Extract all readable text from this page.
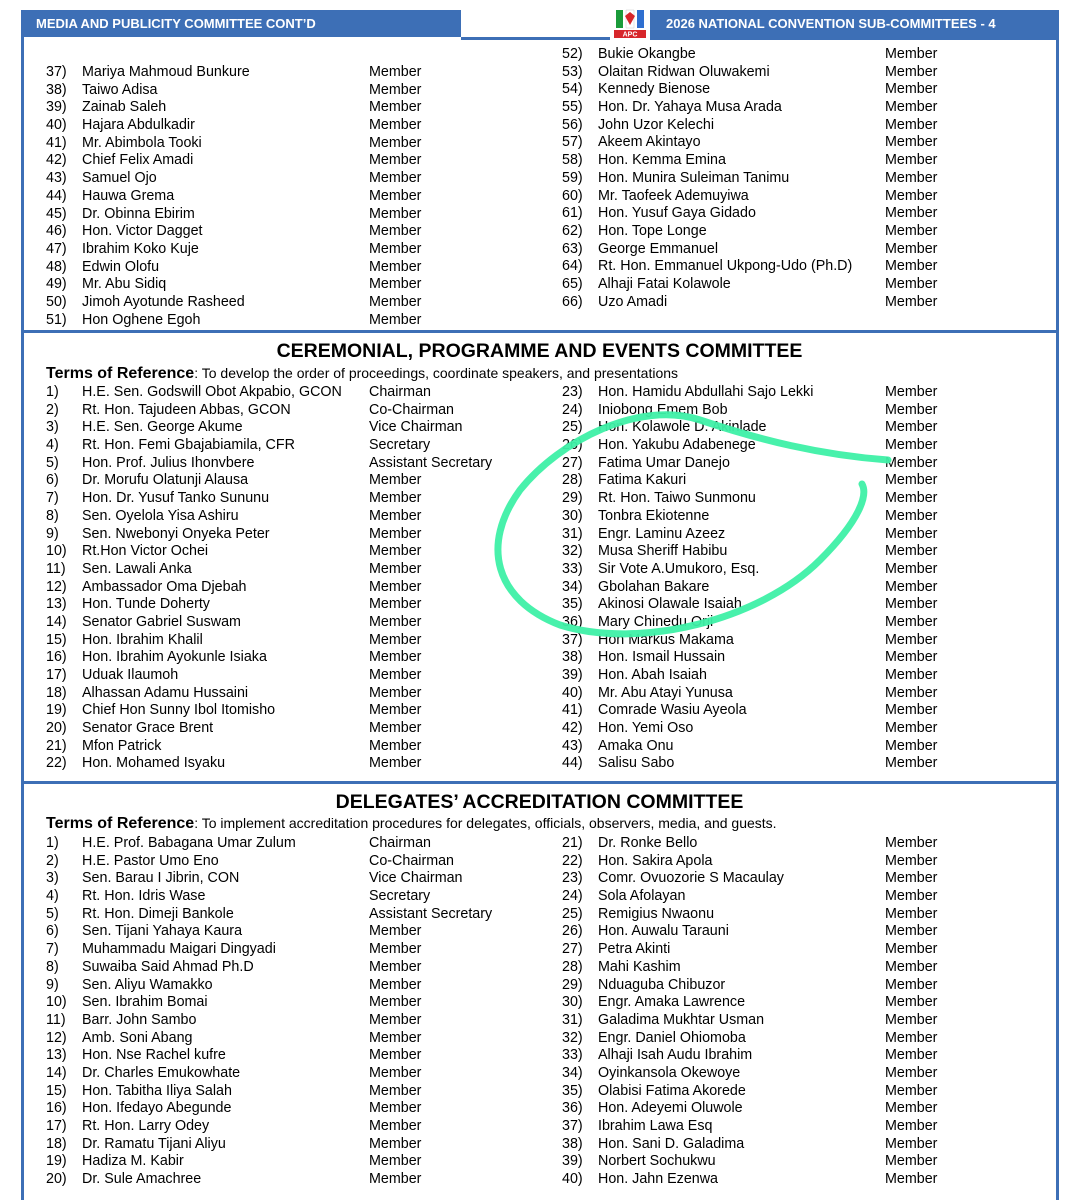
MEDIA AND PUBLICITY COMMITTEE CONT’D	2026 NATIONAL CONVENTION SUB-COMMITTEES - 4
APC
37)	Mariya Mahmoud Bunkure	Member
38)	Taiwo Adisa	Member
39)	Zainab Saleh	Member
40)	Hajara Abdulkadir	Member
41)	Mr. Abimbola Tooki	Member
42)	Chief Felix Amadi	Member
43)	Samuel Ojo	Member
44)	Hauwa Grema	Member
45)	Dr. Obinna Ebirim	Member
46)	Hon. Victor Dagget	Member
47)	Ibrahim Koko Kuje	Member
48)	Edwin Olofu	Member
49)	Mr. Abu Sidiq	Member
50)	Jimoh Ayotunde Rasheed	Member
51)	Hon Oghene Egoh	Member
52)	Bukie Okangbe	Member
53)	Olaitan Ridwan Oluwakemi	Member
54)	Kennedy Bienose	Member
55)	Hon. Dr. Yahaya Musa Arada	Member
56)	John Uzor Kelechi	Member
57)	Akeem Akintayo	Member
58)	Hon. Kemma Emina	Member
59)	Hon. Munira Suleiman Tanimu	Member
60)	Mr. Taofeek Ademuyiwa	Member
61)	Hon. Yusuf Gaya Gidado	Member
62)	Hon. Tope Longe	Member
63)	George Emmanuel	Member
64)	Rt. Hon. Emmanuel Ukpong-Udo (Ph.D) Member
65)	Alhaji Fatai Kolawole	Member
66)	Uzo Amadi	Member
CEREMONIAL, PROGRAMME AND EVENTS COMMITTEE
Terms of Reference: To develop the order of proceedings, coordinate speakers, and presentations
1)	H.E. Sen. Godswill Obot Akpabio, GCON Chairman
2)	Rt. Hon. Tajudeen Abbas, GCON	Co-Chairman
3)	H.E. Sen. George Akume	Vice Chairman
4)	Rt. Hon. Femi Gbajabiamila, CFR	Secretary
5)	Hon. Prof. Julius Ihonvbere	Assistant Secretary
6)	Dr. Morufu Olatunji Alausa	Member
7)	Hon. Dr. Yusuf Tanko Sununu	Member
8)	Sen. Oyelola Yisa Ashiru	Member
9)	Sen. Nwebonyi Onyeka Peter	Member
10)	Rt.Hon Victor Ochei	Member
11)	Sen. Lawali Anka	Member
12)	Ambassador Oma Djebah	Member
13)	Hon. Tunde Doherty	Member
14)	Senator Gabriel Suswam	Member
15)	Hon. Ibrahim Khalil	Member
16)	Hon. Ibrahim Ayokunle Isiaka	Member
17)	Uduak Ilaumoh	Member
18)	Alhassan Adamu Hussaini	Member
19)	Chief Hon Sunny Ibol Itomisho	Member
20)	Senator Grace Brent	Member
21)	Mfon Patrick	Member
22)	Hon. Mohamed Isyaku	Member
23)	Hon. Hamidu Abdullahi Sajo Lekki	Member
24)	Iniobong Emem Bob	Member
25)	Hon. Kolawole D. Akinlade	Member
26)	Hon. Yakubu Adabenege	Member
27)	Fatima Umar Danejo	Member
28)	Fatima Kakuri	Member
29)	Rt. Hon. Taiwo Sunmonu	Member
30)	Tonbra Ekiotenne	Member
31)	Engr. Laminu Azeez	Member
32)	Musa Sheriff Habibu	Member
33)	Sir Vote A.Umukoro, Esq.	Member
34)	Gbolahan Bakare	Member
35)	Akinosi Olawale Isaiah	Member
36)	Mary Chinedu Orji	Member
37)	Hon Markus Makama	Member
38)	Hon. Ismail Hussain	Member
39)	Hon. Abah Isaiah	Member
40)	Mr. Abu Atayi Yunusa	Member
41)	Comrade Wasiu Ayeola	Member
42)	Hon. Yemi Oso	Member
43)	Amaka Onu	Member
44)	Salisu Sabo	Member
DELEGATES’ ACCREDITATION COMMITTEE
Terms of Reference: To implement accreditation procedures for delegates, officials, observers, media, and guests.
1)	H.E. Prof. Babagana Umar Zulum	Chairman
2)	H.E. Pastor Umo Eno	Co-Chairman
3)	Sen. Barau I Jibrin, CON	Vice Chairman
4)	Rt. Hon. Idris Wase	Secretary
5)	Rt. Hon. Dimeji Bankole	Assistant Secretary
6)	Sen. Tijani Yahaya Kaura	Member
7)	Muhammadu Maigari Dingyadi	Member
8)	Suwaiba Said Ahmad Ph.D	Member
9)	Sen. Aliyu Wamakko	Member
10)	Sen. Ibrahim Bomai	Member
11)	Barr. John Sambo	Member
12)	Amb. Soni Abang	Member
13)	Hon. Nse Rachel kufre	Member
14)	Dr. Charles Emukowhate	Member
15)	Hon. Tabitha Iliya Salah	Member
16)	Hon. Ifedayo Abegunde	Member
17)	Rt. Hon. Larry Odey	Member
18)	Dr. Ramatu Tijani Aliyu	Member
19)	Hadiza M. Kabir	Member
20)	Dr. Sule Amachree	Member
21)	Dr. Ronke Bello	Member
22)	Hon. Sakira Apola	Member
23)	Comr. Ovuozorie S Macaulay	Member
24)	Sola Afolayan	Member
25)	Remigius Nwaonu	Member
26)	Hon. Auwalu Tarauni	Member
27)	Petra Akinti	Member
28)	Mahi Kashim	Member
29)	Nduaguba Chibuzor	Member
30)	Engr. Amaka Lawrence	Member
31)	Galadima Mukhtar Usman	Member
32)	Engr. Daniel Ohiomoba	Member
33)	Alhaji Isah Audu Ibrahim	Member
34)	Oyinkansola Okewoye	Member
35)	Olabisi Fatima Akorede	Member
36)	Hon. Adeyemi Oluwole	Member
37)	Ibrahim Lawa Esq	Member
38)	Hon. Sani D. Galadima	Member
39)	Norbert Sochukwu	Member
40)	Hon. Jahn Ezenwa	Member
